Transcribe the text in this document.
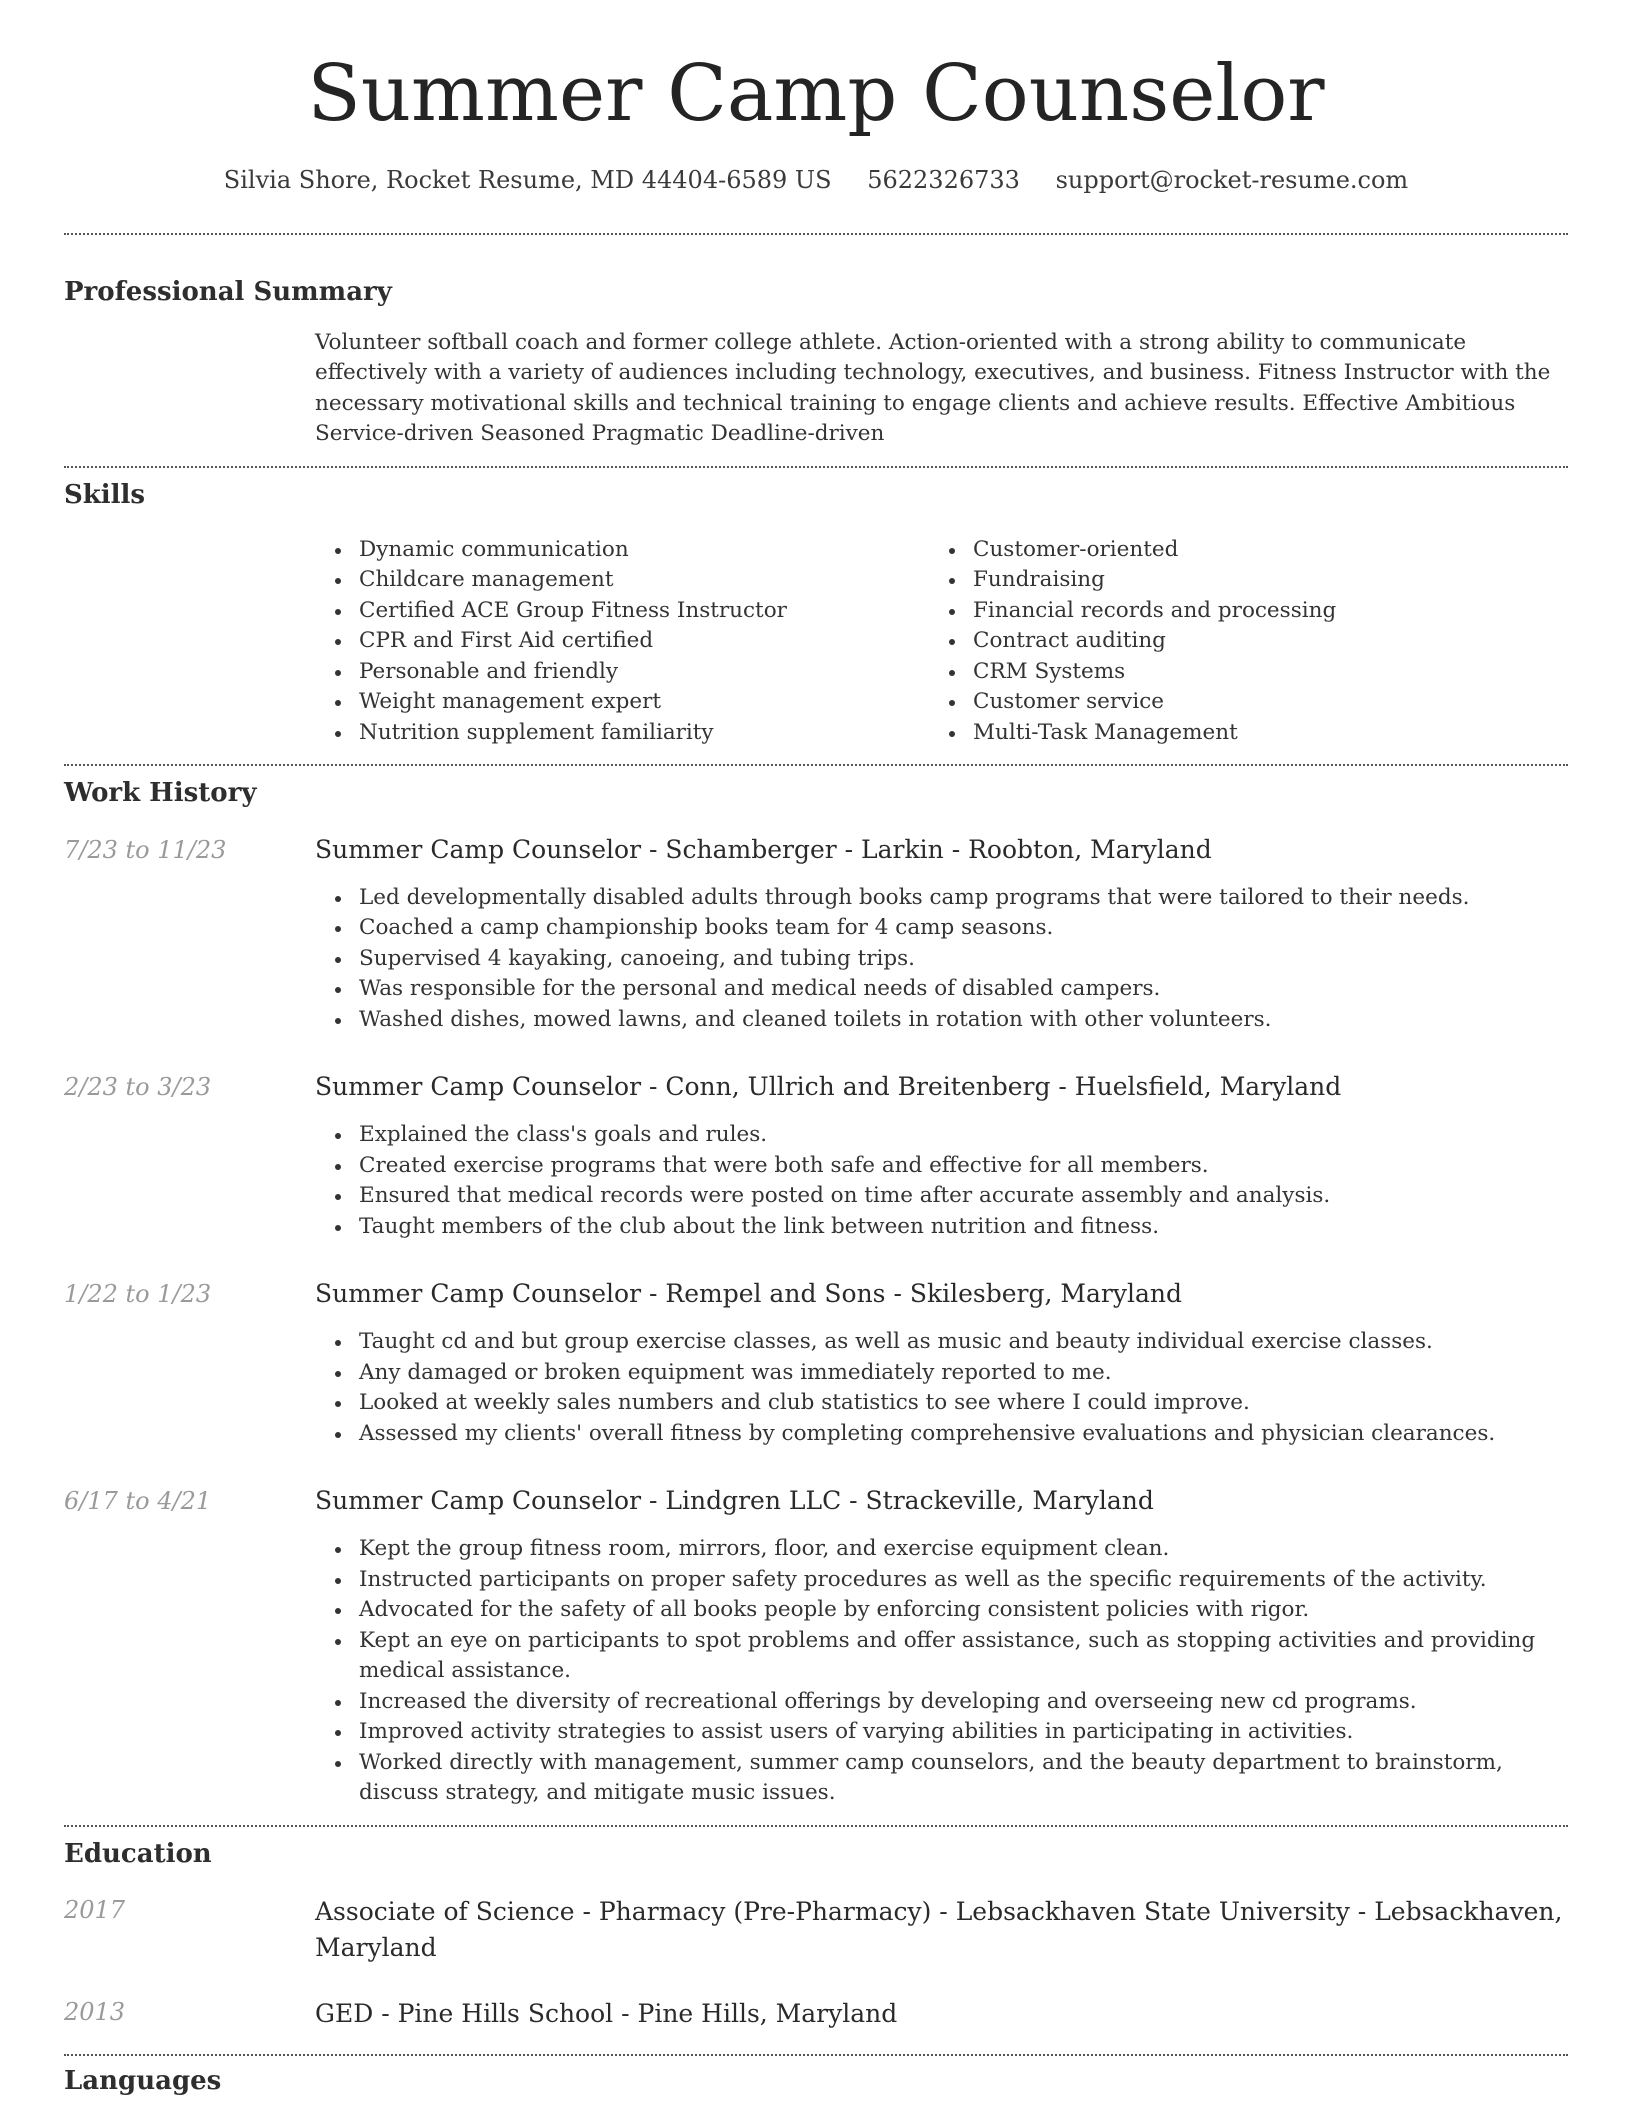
Summer Camp Counselor
Silvia Shore, Rocket Resume, MD 44404-6589 US 5622326733 support@rocket-resume.com
Professional Summary

Volunteer softball coach and former college athlete. Action-oriented with a strong ability to communicate effectively with a variety of audiences including technology, executives, and business. Fitness Instructor with the necessary motivational skills and technical training to engage clients and achieve results. Effective Ambitious Service-driven Seasoned Pragmatic Deadline-driven

Skills
Dynamic communication
Childcare management
Certified ACE Group Fitness Instructor
CPR and First Aid certified
Personable and friendly
Weight management expert
Nutrition supplement familiarity
Customer-oriented
Fundraising
Financial records and processing
Contract auditing
CRM Systems
Customer service
Multi-Task Management
Work History
7/23 to 11/23	Summer Camp Counselor - Schamberger - Larkin - Roobton, Maryland
Led developmentally disabled adults through books camp programs that were tailored to their needs.
Coached a camp championship books team for 4 camp seasons.
Supervised 4 kayaking, canoeing, and tubing trips.
Was responsible for the personal and medical needs of disabled campers.
Washed dishes, mowed lawns, and cleaned toilets in rotation with other volunteers.
2/23 to 3/23	Summer Camp Counselor - Conn, Ullrich and Breitenberg - Huelsfield, Maryland
Explained the class's goals and rules.
Created exercise programs that were both safe and effective for all members.
Ensured that medical records were posted on time after accurate assembly and analysis.
Taught members of the club about the link between nutrition and fitness.
1/22 to 1/23	Summer Camp Counselor - Rempel and Sons - Skilesberg, Maryland
Taught cd and but group exercise classes, as well as music and beauty individual exercise classes.
Any damaged or broken equipment was immediately reported to me.
Looked at weekly sales numbers and club statistics to see where I could improve.
Assessed my clients' overall fitness by completing comprehensive evaluations and physician clearances.
6/17 to 4/21	Summer Camp Counselor - Lindgren LLC - Strackeville, Maryland
Kept the group fitness room, mirrors, floor, and exercise equipment clean.
Instructed participants on proper safety procedures as well as the specific requirements of the activity.
Advocated for the safety of all books people by enforcing consistent policies with rigor.
Kept an eye on participants to spot problems and offer assistance, such as stopping activities and providing medical assistance.
Increased the diversity of recreational offerings by developing and overseeing new cd programs.
Improved activity strategies to assist users of varying abilities in participating in activities.
Worked directly with management, summer camp counselors, and the beauty department to brainstorm, discuss strategy, and mitigate music issues.
Education
2017	Associate of Science - Pharmacy (Pre-Pharmacy) - Lebsackhaven State University - Lebsackhaven, Maryland
2013	GED - Pine Hills School - Pine Hills, Maryland
Languages
